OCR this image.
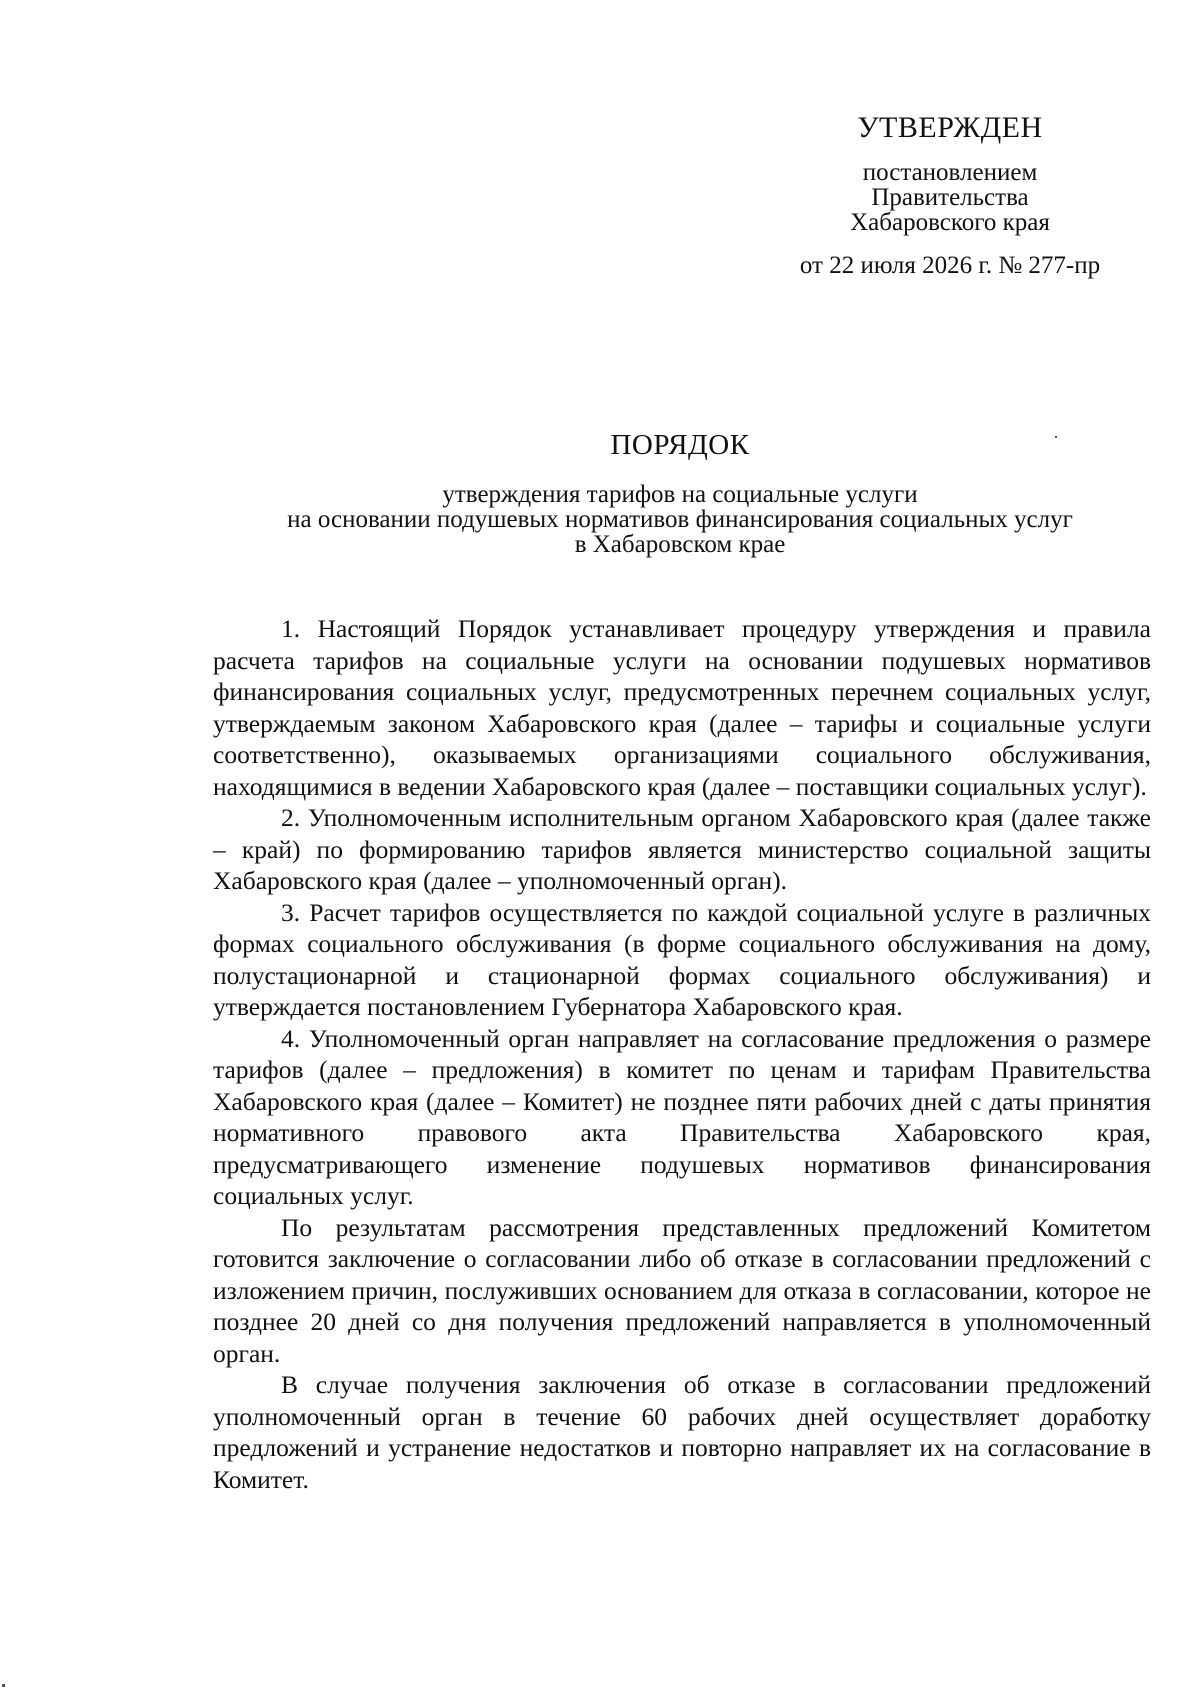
УТВЕРЖДЕН
постановлением
Правительства
Хабаровского края
от 22 июля 2026 г. № 277-пр
ПОРЯДОК
утверждения тарифов на социальные услуги
на основании подушевых нормативов финансирования социальных услуг
в Хабаровском крае

1. Настоящий Порядок устанавливает процедуру утверждения и правила расчета тарифов на социальные услуги на основании подушевых нормативов финансирования социальных услуг, предусмотренных перечнем социальных услуг, утверждаемым законом Хабаровского края (далее – тарифы и социальные услуги соответственно), оказываемых организациями социального обслуживания, находящимися в ведении Хабаровского края (далее – поставщики социальных услуг).

2. Уполномоченным исполнительным органом Хабаровского края (далее также – край) по формированию тарифов является министерство социальной защиты Хабаровского края (далее – уполномоченный орган).

3. Расчет тарифов осуществляется по каждой социальной услуге в различных формах социального обслуживания (в форме социального обслуживания на дому, полустационарной и стационарной формах социального обслуживания) и утверждается постановлением Губернатора Хабаровского края.

4. Уполномоченный орган направляет на согласование предложения о размере тарифов (далее – предложения) в комитет по ценам и тарифам Правительства Хабаровского края (далее – Комитет) не позднее пяти рабочих дней с даты принятия нормативного правового акта Правительства Хабаровского края, предусматривающего изменение подушевых нормативов финансирования социальных услуг.

По результатам рассмотрения представленных предложений Комитетом готовится заключение о согласовании либо об отказе в согласовании предложений с изложением причин, послуживших основанием для отказа в согласовании, которое не позднее 20 дней со дня получения предложений направляется в уполномоченный орган.

В случае получения заключения об отказе в согласовании предложений уполномоченный орган в течение 60 рабочих дней осуществляет доработку предложений и устранение недостатков и повторно направляет их на согласование в Комитет.
